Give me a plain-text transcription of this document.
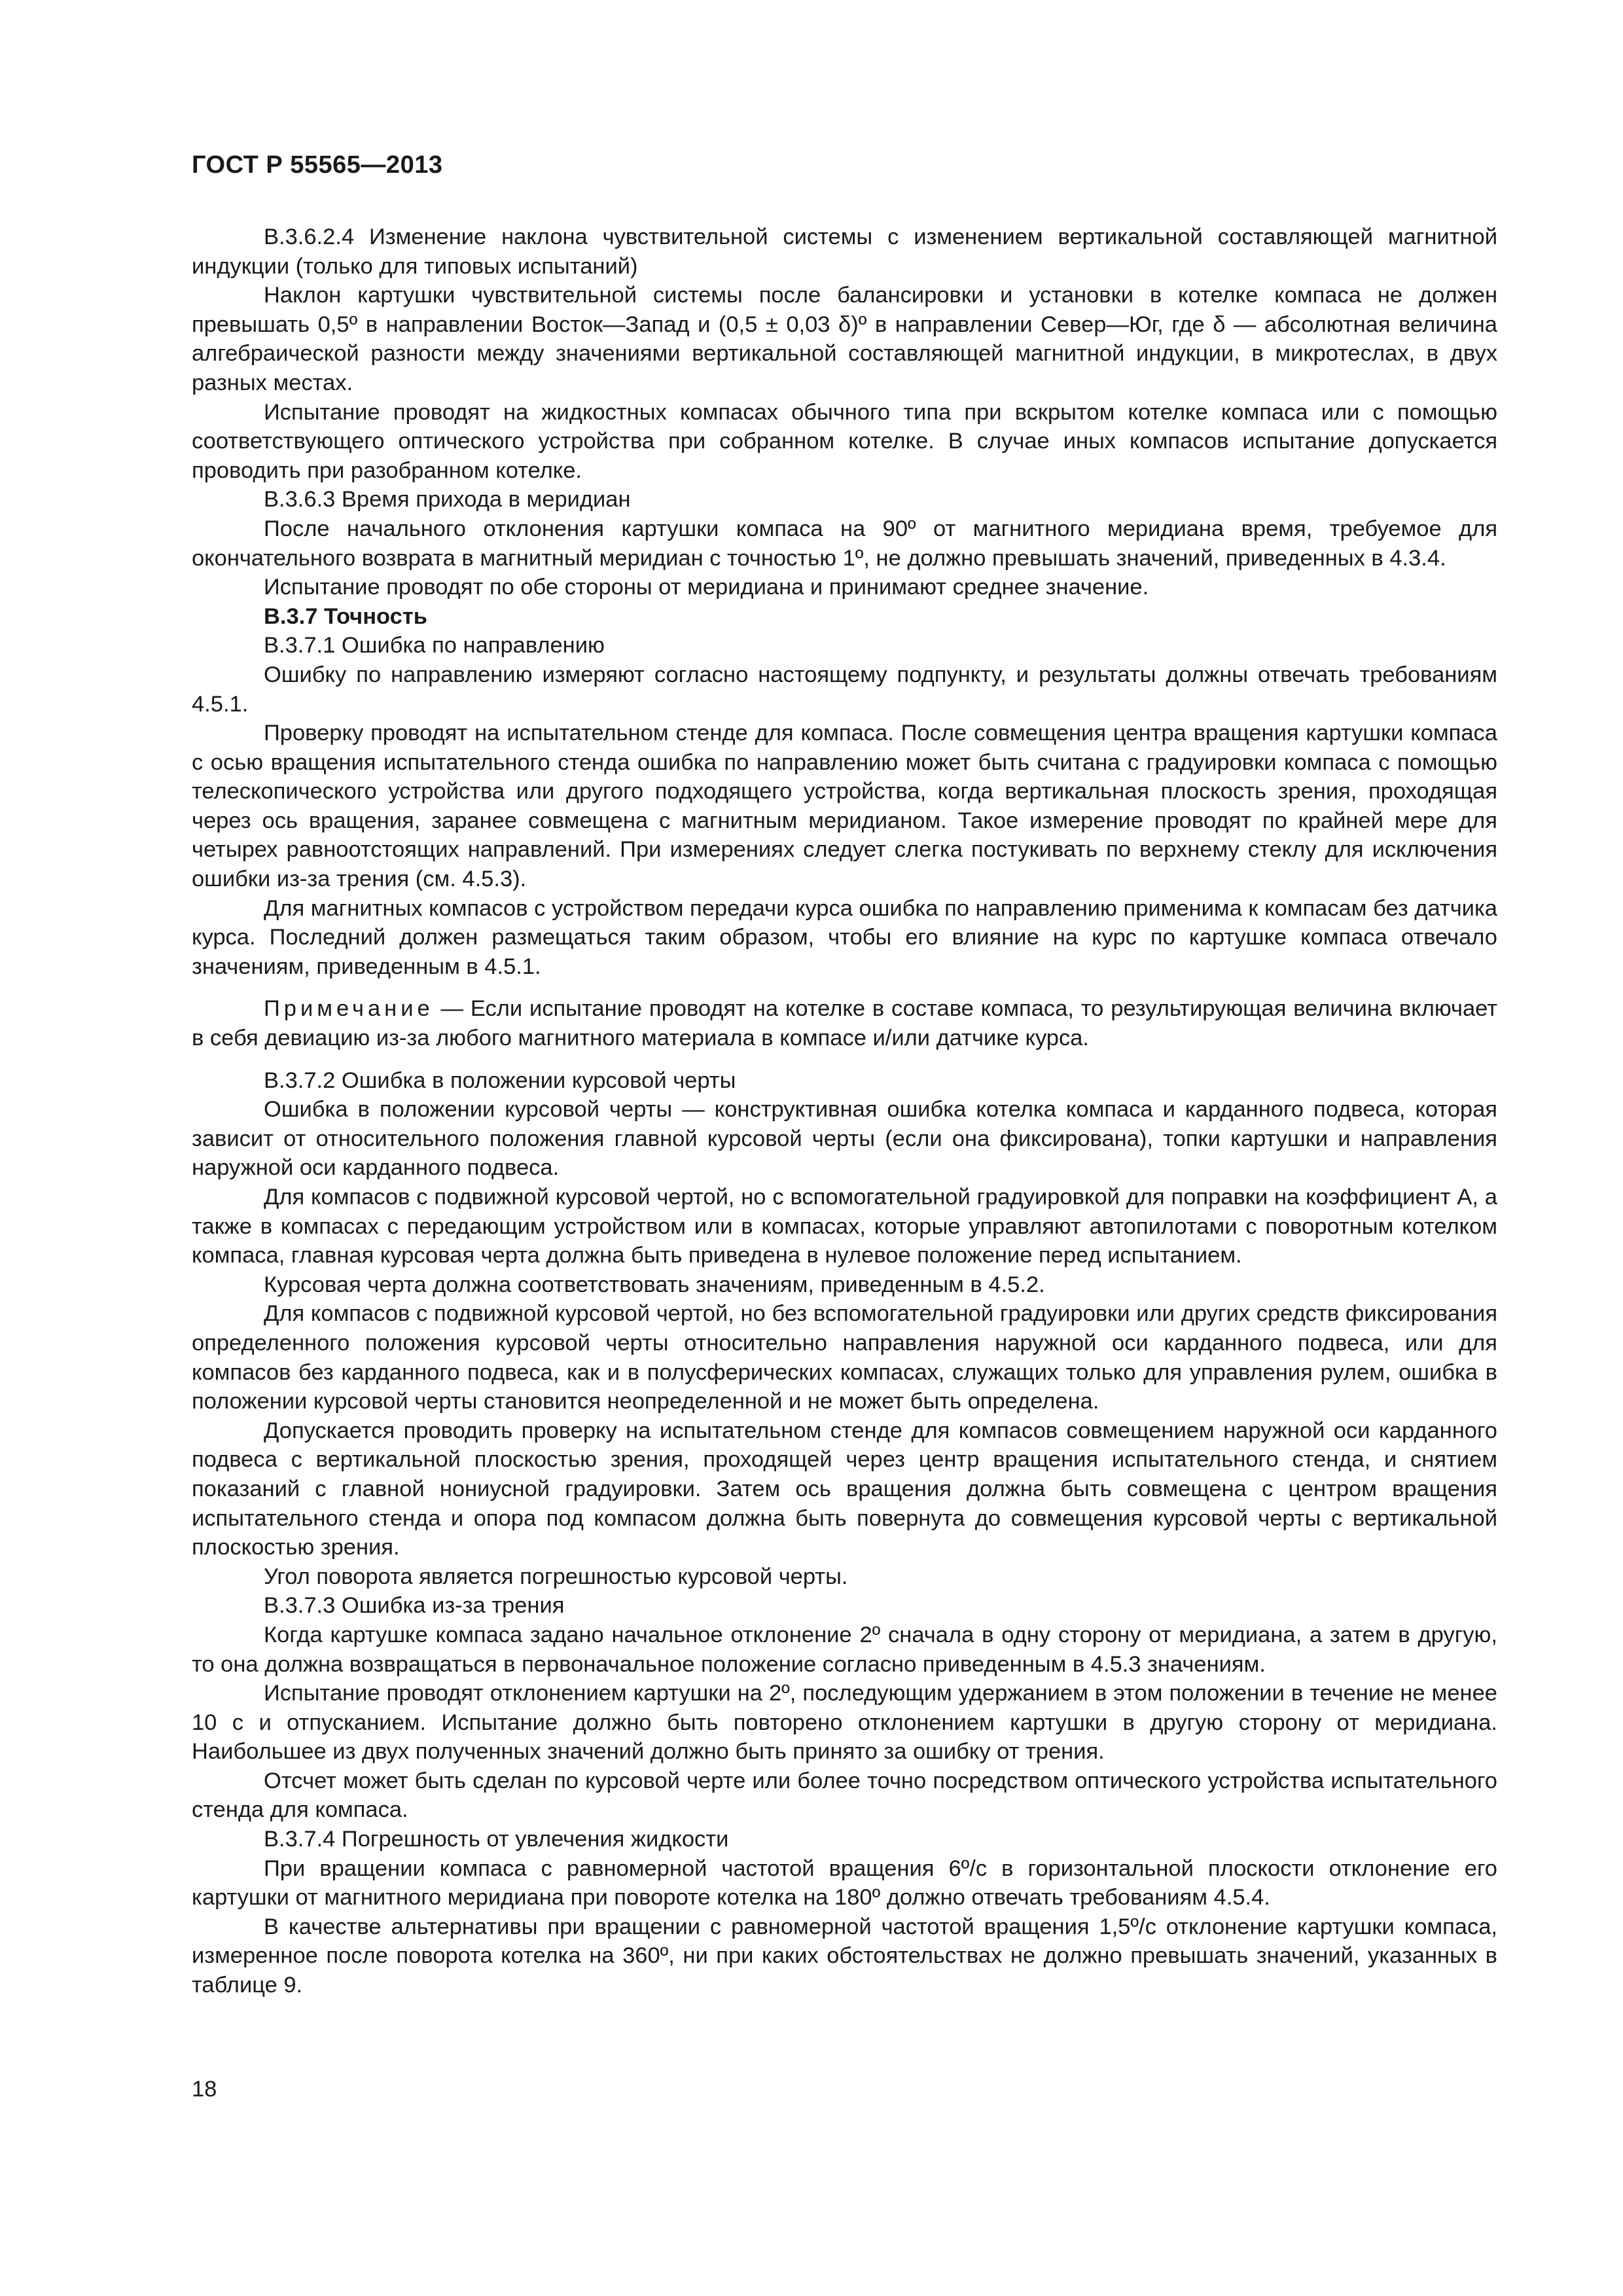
ГОСТ Р 55565—2013

В.3.6.2.4 Изменение наклона чувствительной системы с изменением вертикальной составляющей магнитной индукции (только для типовых испытаний)

Наклон картушки чувствительной системы после балансировки и установки в котелке компаса не должен превышать 0,5º в направлении Восток—Запад и (0,5 ± 0,03 δ)º в направлении Север—Юг, где δ — абсолютная величина алгебраической разности между значениями вертикальной составляющей магнитной индукции, в микротеслах, в двух разных местах.

Испытание проводят на жидкостных компасах обычного типа при вскрытом котелке компаса или с помощью соответствующего оптического устройства при собранном котелке. В случае иных компасов испытание допускается проводить при разобранном котелке.

В.3.6.3 Время прихода в меридиан

После начального отклонения картушки компаса на 90º от магнитного меридиана время, требуемое для окончательного возврата в магнитный меридиан с точностью 1º, не должно превышать значений, приведенных в 4.3.4.

Испытание проводят по обе стороны от меридиана и принимают среднее значение.

В.3.7 Точность

В.3.7.1 Ошибка по направлению

Ошибку по направлению измеряют согласно настоящему подпункту, и результаты должны отвечать требованиям 4.5.1.

Проверку проводят на испытательном стенде для компаса. После совмещения центра вращения картушки компаса с осью вращения испытательного стенда ошибка по направлению может быть считана с градуировки компаса с помощью телескопического устройства или другого подходящего устройства, когда вертикальная плоскость зрения, проходящая через ось вращения, заранее совмещена с магнитным меридианом. Такое измерение проводят по крайней мере для четырех равноотстоящих направлений. При измерениях следует слегка постукивать по верхнему стеклу для исключения ошибки из-за трения (см. 4.5.3).

Для магнитных компасов с устройством передачи курса ошибка по направлению применима к компасам без датчика курса. Последний должен размещаться таким образом, чтобы его влияние на курс по картушке компаса отвечало значениям, приведенным в 4.5.1.

Примечание — Если испытание проводят на котелке в составе компаса, то результирующая величина включает в себя девиацию из-за любого магнитного материала в компасе и/или датчике курса.

В.3.7.2 Ошибка в положении курсовой черты

Ошибка в положении курсовой черты — конструктивная ошибка котелка компаса и карданного подвеса, которая зависит от относительного положения главной курсовой черты (если она фиксирована), топки картушки и направления наружной оси карданного подвеса.

Для компасов с подвижной курсовой чертой, но с вспомогательной градуировкой для поправки на коэффициент А, а также в компасах с передающим устройством или в компасах, которые управляют автопилотами с поворотным котелком компаса, главная курсовая черта должна быть приведена в нулевое положение перед испытанием.

Курсовая черта должна соответствовать значениям, приведенным в 4.5.2.

Для компасов с подвижной курсовой чертой, но без вспомогательной градуировки или других средств фиксирования определенного положения курсовой черты относительно направления наружной оси карданного подвеса, или для компасов без карданного подвеса, как и в полусферических компасах, служащих только для управления рулем, ошибка в положении курсовой черты становится неопределенной и не может быть определена.

Допускается проводить проверку на испытательном стенде для компасов совмещением наружной оси карданного подвеса с вертикальной плоскостью зрения, проходящей через центр вращения испытательного стенда, и снятием показаний с главной нониусной градуировки. Затем ось вращения должна быть совмещена с центром вращения испытательного стенда и опора под компасом должна быть повернута до совмещения курсовой черты с вертикальной плоскостью зрения.

Угол поворота является погрешностью курсовой черты.

В.3.7.3 Ошибка из-за трения

Когда картушке компаса задано начальное отклонение 2º сначала в одну сторону от меридиана, а затем в другую, то она должна возвращаться в первоначальное положение согласно приведенным в 4.5.3 значениям.

Испытание проводят отклонением картушки на 2º, последующим удержанием в этом положении в течение не менее 10 с и отпусканием. Испытание должно быть повторено отклонением картушки в другую сторону от меридиана. Наибольшее из двух полученных значений должно быть принято за ошибку от трения.

Отсчет может быть сделан по курсовой черте или более точно посредством оптического устройства испытательного стенда для компаса.

В.3.7.4 Погрешность от увлечения жидкости

При вращении компаса с равномерной частотой вращения 6º/с в горизонтальной плоскости отклонение его картушки от магнитного меридиана при повороте котелка на 180º должно отвечать требованиям 4.5.4.

В качестве альтернативы при вращении с равномерной частотой вращения 1,5º/с отклонение картушки компаса, измеренное после поворота котелка на 360º, ни при каких обстоятельствах не должно превышать значений, указанных в таблице 9.

18
